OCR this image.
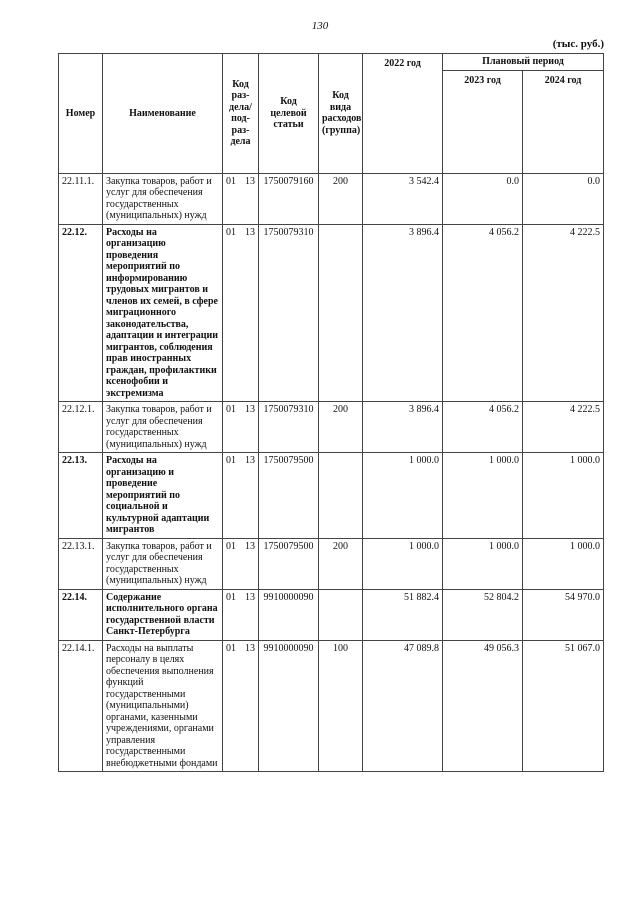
130
(тыс. руб.)
Номер	Наименование	Код раз-дела/ под-раз-дела	Код целевой статьи	Код вида расходов (группа)	2022 год	Плановый период	
						2023 год	2024 год
22.11.1.	Закупка товаров, работ и услуг для обеспечения государственных (муниципальных) нужд	01 13	1750079160	200	3 542.4	0.0	0.0
22.12.	Расходы на организацию проведения мероприятий по информированию трудовых мигрантов и членов их семей, в сфере миграционного законодательства, адаптации и интеграции мигрантов, соблюдения прав иностранных граждан, профилактики ксенофобии и экстремизма	01 13	1750079310		3 896.4	4 056.2	4 222.5
22.12.1.	Закупка товаров, работ и услуг для обеспечения государственных (муниципальных) нужд	01 13	1750079310	200	3 896.4	4 056.2	4 222.5
22.13.	Расходы на организацию и проведение мероприятий по социальной и культурной адаптации мигрантов	01 13	1750079500		1 000.0	1 000.0	1 000.0
22.13.1.	Закупка товаров, работ и услуг для обеспечения государственных (муниципальных) нужд	01 13	1750079500	200	1 000.0	1 000.0	1 000.0
22.14.	Содержание исполнительного органа государственной власти Санкт-Петербурга	01 13	9910000090		51 882.4	52 804.2	54 970.0
22.14.1.	Расходы на выплаты персоналу в целях обеспечения выполнения функций государственными (муниципальными) органами, казенными учреждениями, органами управления государственными внебюджетными фондами	01 13	9910000090	100	47 089.8	49 056.3	51 067.0
